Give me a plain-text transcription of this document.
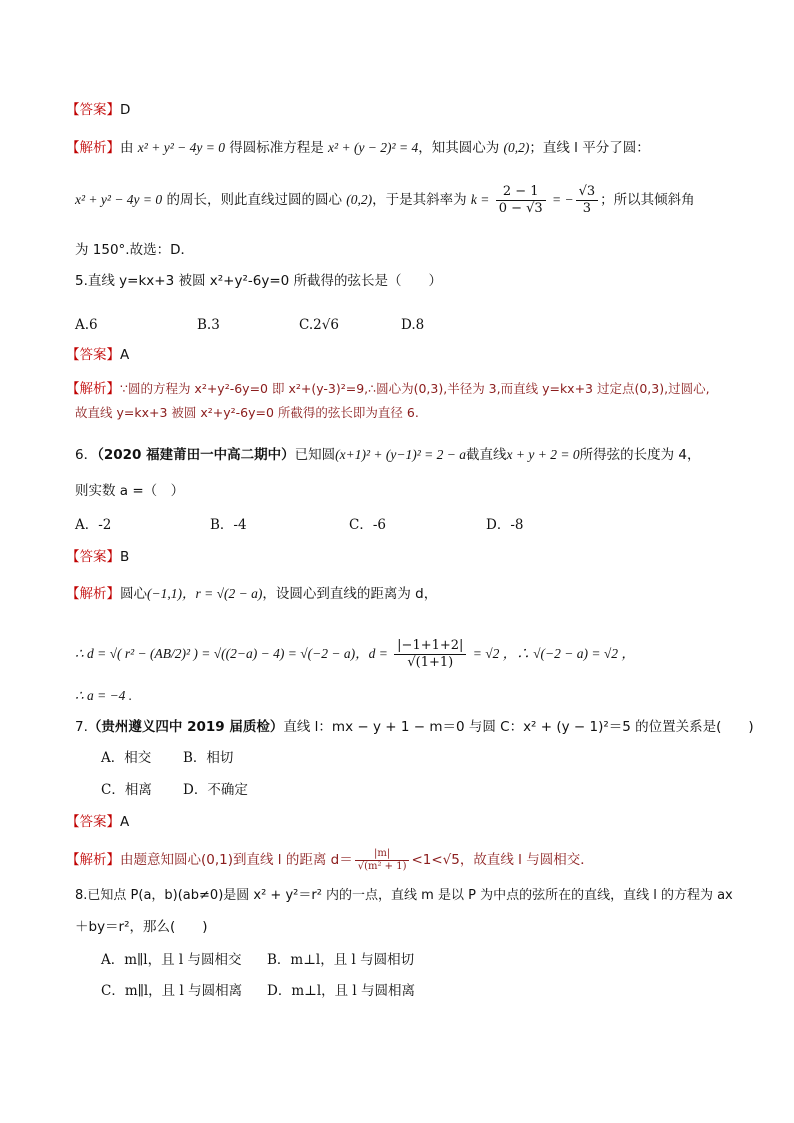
【答案】D
【解析】由 x² + y² − 4y = 0 得圆标准方程是 x² + (y − 2)² = 4，知其圆心为 (0,2)；直线 l 平分了圆：
x² + y² − 4y = 0 的周长，则此直线过圆的圆心 (0,2)，于是其斜率为 $k = \frac{2 - 1}{0 - √3}$ = − $\frac{√3}{3}$ ；所以其倾斜角
为 150°.故选：D．
5.直线 y=kx+3 被圆 x²+y²-6y=0 所截得的弦长是（　　）
A.6	B.3	C.2√6	D.8
【答案】A
【解析】∵圆的方程为 x²+y²-6y=0 即 x²+(y-3)²=9,∴圆心为(0,3),半径为 3,而直线 y=kx+3 过定点(0,3),过圆心,
故直线 y=kx+3 被圆 x²+y²-6y=0 所截得的弦长即为直径 6.
6．（2020 福建莆田一中高二期中）已知圆(x+1)² + (y−1)² = 2 − a截直线x + y + 2 = 0所得弦的长度为 4，
则实数 a =（　）
A．-2	B．-4	C．-6	D．-8
【答案】B
【解析】圆心(−1,1)，r = √(2 − a)，设圆心到直线的距离为 d，
∴ d = √( r² − (AB/2)² ) = √((2−a) − 4) = √(−2 − a)，$d = \frac{|-1+1+2|}{√(1+1)} = √2$ ，∴ √(−2 − a) = √2 ，
∴ a = −4 .
7.（贵州遵义四中 2019 届质检）直线 l：mx − y + 1 − m＝0 与圆 C：x² + (y − 1)²＝5 的位置关系是(　　)
A．相交 B．相切
C．相离 D．不确定
【答案】A
【解析】由题意知圆心(0,1)到直线 l 的距离 $d= \frac{|m|}{\text{√(m² + 1)}} <1<√5$，故直线 l 与圆相交．
8.已知点 P(a，b)(ab≠0)是圆 x² + y²＝r² 内的一点，直线 m 是以 P 为中点的弦所在的直线，直线 l 的方程为 ax
＋by＝r²，那么(　　)
A．m∥l，且 l 与圆相交 B．m⊥l，且 l 与圆相切
C．m∥l，且 l 与圆相离 D．m⊥l，且 l 与圆相离
